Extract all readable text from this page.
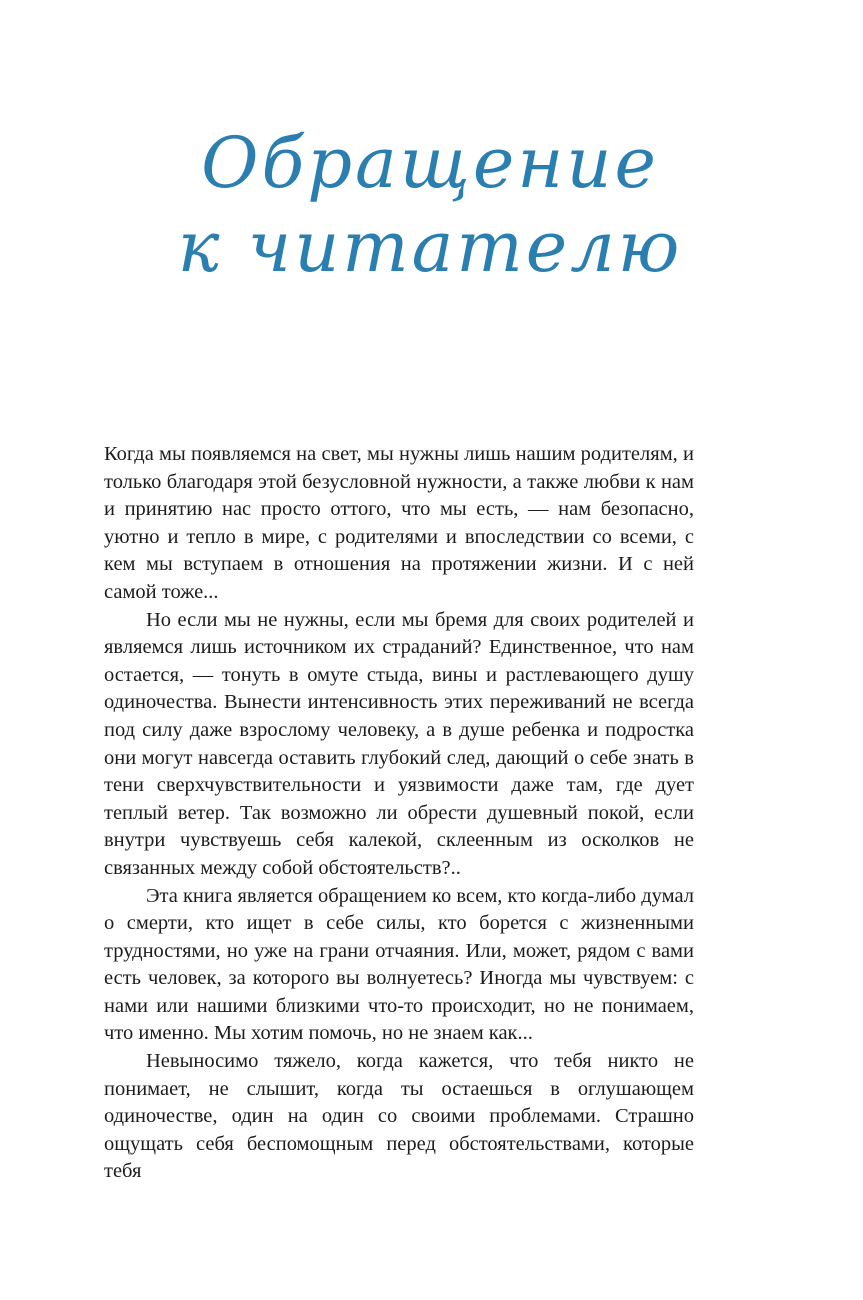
Обращение
к читателю

Когда мы появляемся на свет, мы нужны лишь нашим родителям, и только благодаря этой безусловной нужности, а также любви к нам и принятию нас просто оттого, что мы есть, — нам безопасно, уютно и тепло в мире, с родителями и впоследствии со всеми, с кем мы вступаем в отношения на протяжении жизни. И с ней самой тоже...

Но если мы не нужны, если мы бремя для своих родителей и являемся лишь источником их страданий? Единственное, что нам остается, — тонуть в омуте стыда, вины и растлевающего душу одиночества. Вынести интенсивность этих переживаний не всегда под силу даже взрослому человеку, а в душе ребенка и подростка они могут навсегда оставить глубокий след, дающий о себе знать в тени сверхчувствительности и уязвимости даже там, где дует теплый ветер. Так возможно ли обрести душевный покой, если внутри чувствуешь себя калекой, склеенным из осколков не связанных между собой обстоятельств?..

Эта книга является обращением ко всем, кто когда-либо думал о смерти, кто ищет в себе силы, кто борется с жизненными трудностями, но уже на грани отчаяния. Или, может, рядом с вами есть человек, за которого вы волнуетесь? Иногда мы чувствуем: с нами или нашими близкими что-то происходит, но не понимаем, что именно. Мы хотим помочь, но не знаем как...

Невыносимо тяжело, когда кажется, что тебя никто не понимает, не слышит, когда ты остаешься в оглушающем одиночестве, один на один со своими проблемами. Страшно ощущать себя беспомощным перед обстоятельствами, которые тебя
